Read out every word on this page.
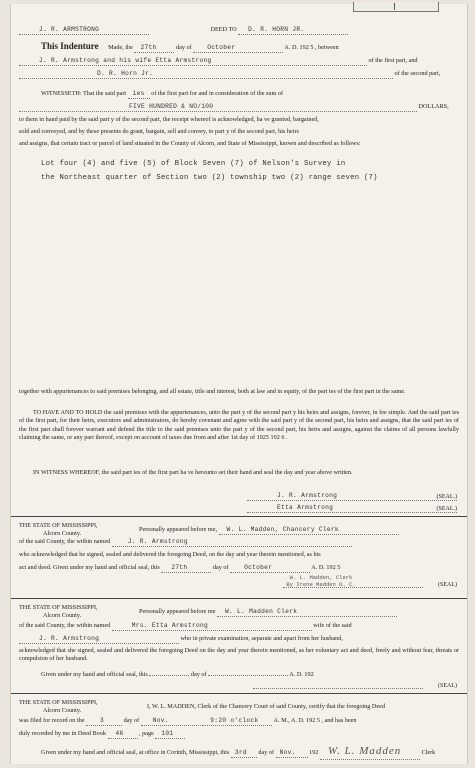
J. R. ARMSTRONG	DEED TO D. R. HORN JR.
This Indenture Made, the 27th	day of	October	A. D. 192 5 , between
J. R. Armstrong and his wife Etta Armstrong	of the first part, and
D. R. Horn Jr.	of the second part,
WITNESSETH: That the said part ies of the first part for and in consideration of the sum of
FIVE HUNDRED & NO/100	DOLLARS,
to them in hand paid by the said part y of the second part, the receipt whereof is acknowledged, ha ve granted, bargained,
sold and conveyed, and by these presents do grant, bargain, sell and convey, to part y of the second part, his heirs
and assigns, that certain tract or parcel of land situated in the County of Alcorn, and State of Mississippi, known and described as follows:
Lot four (4) and five (5) of Block Seven (7) of Nelson's Survey in
the Northeast quarter of Section two (2) township two (2) range seven (7)
together with appurtenances to said premises belonging, and all estate, title and interest, both at law and in equity, of the part ies of the first part in the same.
TO HAVE AND TO HOLD the said premises with the appurtenances, unto the part y of the second part y his heirs and assigns, forever, in fee simple. And the said part ies of the first part, for their heirs, executors and administrators, do hereby covenant and agree with the said part y of the second part, his heirs and assigns, that the said part ies of the first part shall forever warrant and defend the title to the said premises unto the part y of the second part, his heirs and assigns, against the claims of all persons lawfully claiming the same, or any part thereof, except on account of taxes due from and after 1st day of 1925 192 6 .
IN WITNESS WHEREOF, the said part ies of the first part ha ve hereunto set their hand and seal the day and year above written.
J. R. Armstrong	(SEAL.)
Etta Armstrong	(SEAL.)
THE STATE OF MISSISSIPPI,
Alcorn County.
Personally appeared before me, W. L. Madden, Chancery Clerk
of the said County, the within named	J. R. Armstrong
who acknowledged that he signed, sealed and delivered the foregoing Deed, on the day and year therein mentioned, as his
act and deed. Given under my hand and official seal, this 27th	day of	October	A. D. 192 5
W. L. Madden, Clerk
By Irene Madden D. C.	(SEAL)
THE STATE OF MISSISSIPPI,
Alcorn County.
Personally appeared before me W. L. Madden Clerk
of the said County, the within named	Mrs. Etta Armstrong	wife of the said
J. R. Armstrong	who in private examination, separate and apart from her husband,
acknowledged that she signed, sealed and delivered the foregoing Deed on the day and year therein mentioned, as her voluntary act and deed, freely and without fear, threats or compulsion of her husband.
Given under my hand and official seal, this	day of	A. D. 192
(SEAL)
THE STATE OF MISSISSIPPI,
Alcorn County.
I, W. L. MADDEN, Clerk of the Chancery Court of said County, certify that the foregoing Deed
was filed for record on the	3	day of Nov.	9:20 o'clock A. M., A. D. 192 5 , and has been
duly recorded by me in Deed Book 46	, page 101
Given under my hand and official seal, at office in Corinth, Mississippi, this 3rd day of Nov. 192 W. L. Madden	Clerk
